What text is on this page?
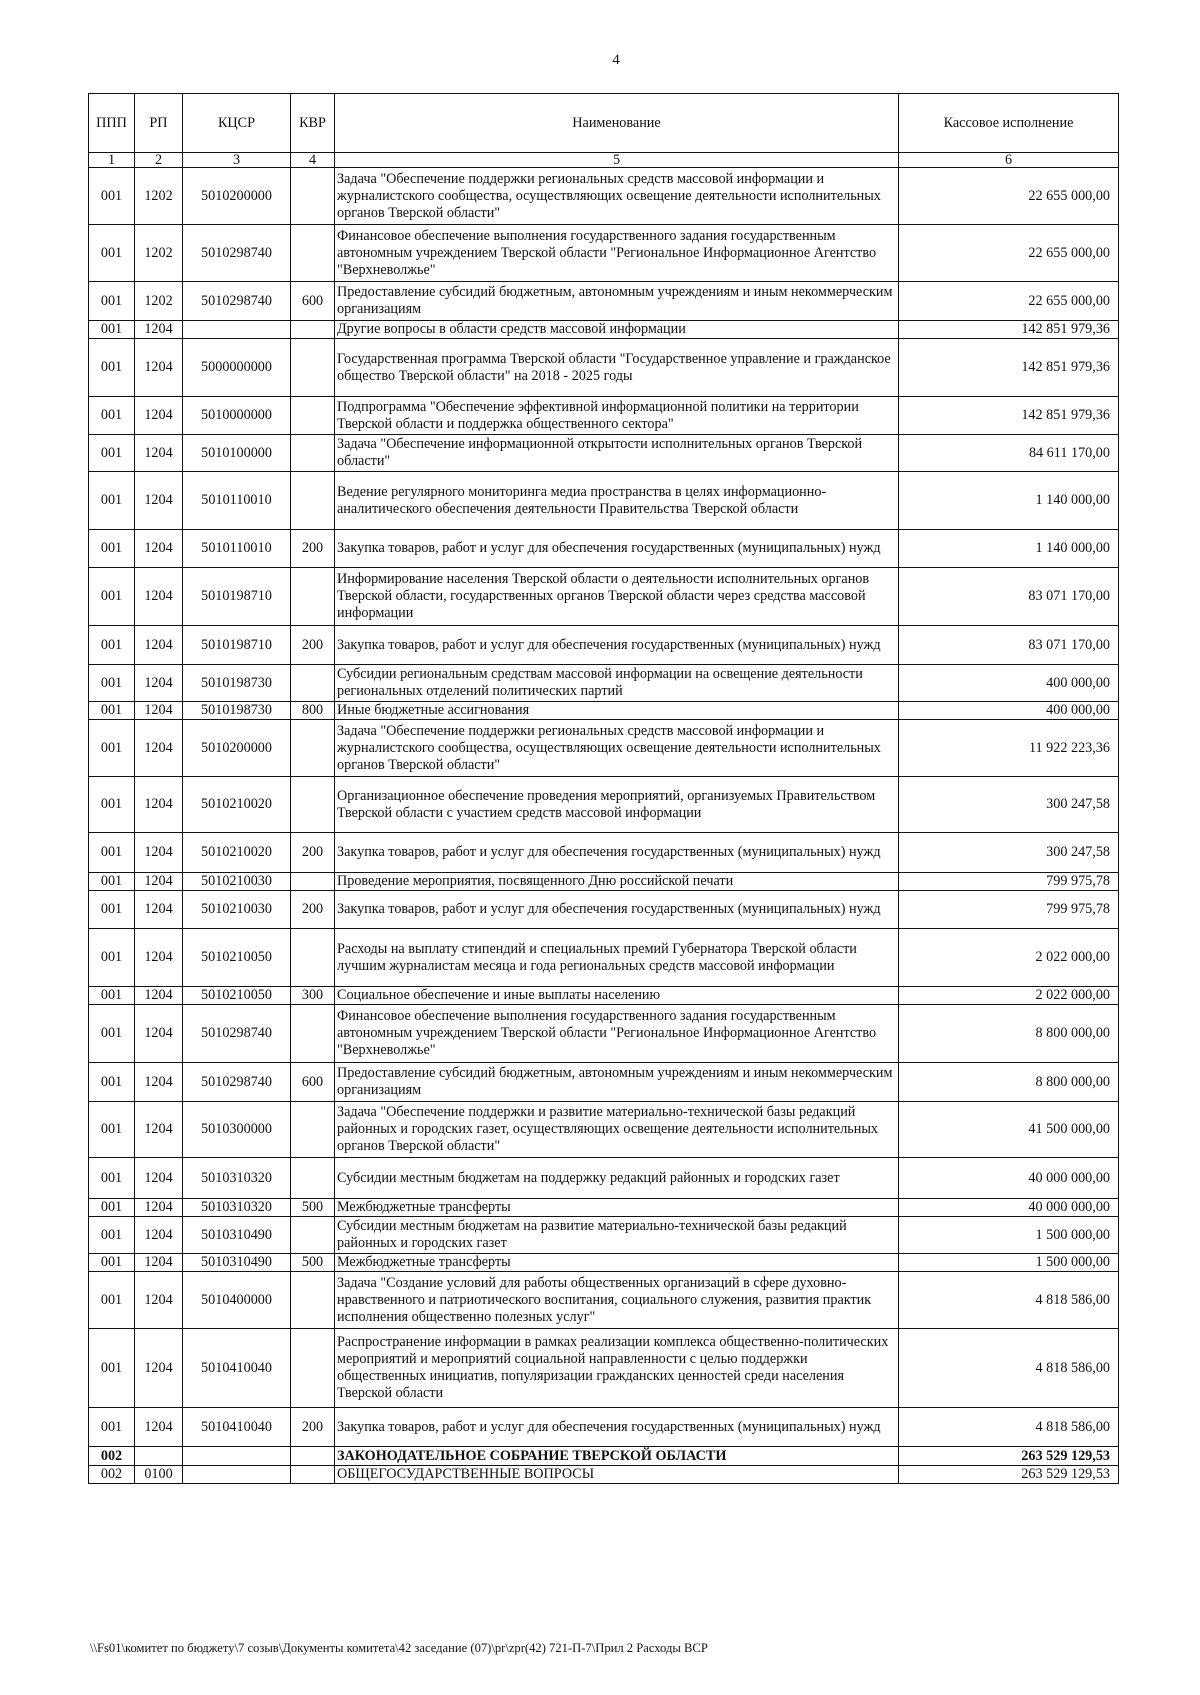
4
ППП	РП	КЦСР	КВР	Наименование	Кассовое исполнение
1	2	3	4	5	6
001	1202	5010200000		Задача "Обеспечение поддержки региональных средств массовой информации и журналистского сообщества, осуществляющих освещение деятельности исполнительных органов Тверской области"	22 655 000,00
001	1202	5010298740		Финансовое обеспечение выполнения государственного задания государственным автономным учреждением Тверской области "Региональное Информационное Агентство "Верхневолжье"	22 655 000,00
001	1202	5010298740	600	Предоставление субсидий бюджетным, автономным учреждениям и иным некоммерческим организациям	22 655 000,00
001	1204			Другие вопросы в области средств массовой информации	142 851 979,36
001	1204	5000000000		Государственная программа Тверской области "Государственное управление и гражданское общество Тверской области" на 2018 - 2025 годы	142 851 979,36
001	1204	5010000000		Подпрограмма "Обеспечение эффективной информационной политики на территории Тверской области и поддержка общественного сектора"	142 851 979,36
001	1204	5010100000		Задача "Обеспечение информационной открытости исполнительных органов Тверской области"	84 611 170,00
001	1204	5010110010		Ведение регулярного мониторинга медиа пространства в целях информационно-аналитического обеспечения деятельности Правительства Тверской области	1 140 000,00
001	1204	5010110010	200	Закупка товаров, работ и услуг для обеспечения государственных (муниципальных) нужд	1 140 000,00
001	1204	5010198710		Информирование населения Тверской области о деятельности исполнительных органов Тверской области, государственных органов Тверской области через средства массовой информации	83 071 170,00
001	1204	5010198710	200	Закупка товаров, работ и услуг для обеспечения государственных (муниципальных) нужд	83 071 170,00
001	1204	5010198730		Субсидии региональным средствам массовой информации на освещение деятельности региональных отделений политических партий	400 000,00
001	1204	5010198730	800	Иные бюджетные ассигнования	400 000,00
001	1204	5010200000		Задача "Обеспечение поддержки региональных средств массовой информации и журналистского сообщества, осуществляющих освещение деятельности исполнительных органов Тверской области"	11 922 223,36
001	1204	5010210020		Организационное обеспечение проведения мероприятий, организуемых Правительством Тверской области с участием средств массовой информации	300 247,58
001	1204	5010210020	200	Закупка товаров, работ и услуг для обеспечения государственных (муниципальных) нужд	300 247,58
001	1204	5010210030		Проведение мероприятия, посвященного Дню российской печати	799 975,78
001	1204	5010210030	200	Закупка товаров, работ и услуг для обеспечения государственных (муниципальных) нужд	799 975,78
001	1204	5010210050		Расходы на выплату стипендий и специальных премий Губернатора Тверской области лучшим журналистам месяца и года региональных средств массовой информации	2 022 000,00
001	1204	5010210050	300	Социальное обеспечение и иные выплаты населению	2 022 000,00
001	1204	5010298740		Финансовое обеспечение выполнения государственного задания государственным автономным учреждением Тверской области "Региональное Информационное Агентство "Верхневолжье"	8 800 000,00
001	1204	5010298740	600	Предоставление субсидий бюджетным, автономным учреждениям и иным некоммерческим организациям	8 800 000,00
001	1204	5010300000		Задача "Обеспечение поддержки и развитие материально-технической базы редакций районных и городских газет, осуществляющих освещение деятельности исполнительных органов Тверской области"	41 500 000,00
001	1204	5010310320		Субсидии местным бюджетам на поддержку редакций районных и городских газет	40 000 000,00
001	1204	5010310320	500	Межбюджетные трансферты	40 000 000,00
001	1204	5010310490		Субсидии местным бюджетам на развитие материально-технической базы редакций районных и городских газет	1 500 000,00
001	1204	5010310490	500	Межбюджетные трансферты	1 500 000,00
001	1204	5010400000		Задача "Создание условий для работы общественных организаций в сфере духовно-нравственного и патриотического воспитания, социального служения, развития практик исполнения общественно полезных услуг"	4 818 586,00
001	1204	5010410040		Распространение информации в рамках реализации комплекса общественно-политических мероприятий и мероприятий социальной направленности с целью поддержки общественных инициатив, популяризации гражданских ценностей среди населения Тверской области	4 818 586,00
001	1204	5010410040	200	Закупка товаров, работ и услуг для обеспечения государственных (муниципальных) нужд	4 818 586,00
002				ЗАКОНОДАТЕЛЬНОЕ СОБРАНИЕ ТВЕРСКОЙ ОБЛАСТИ	263 529 129,53
002	0100			ОБЩЕГОСУДАРСТВЕННЫЕ ВОПРОСЫ	263 529 129,53
\\Fs01\комитет по бюджету\7 созыв\Документы комитета\42 заседание (07)\pr\zpr(42) 721-П-7\Прил 2 Расходы ВСР
